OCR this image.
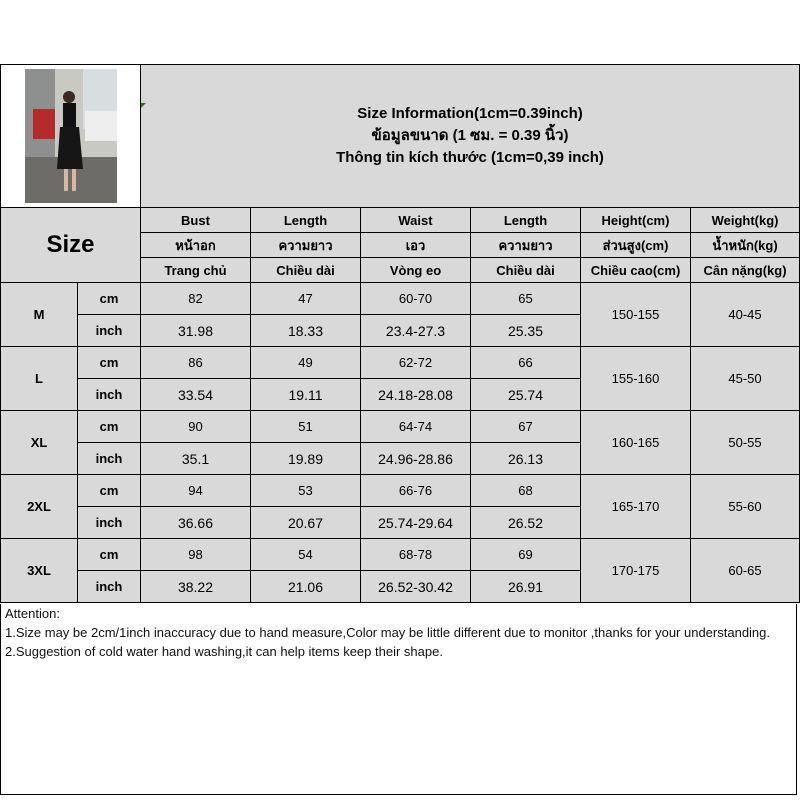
Size Information(1cm=0.39inch)
ข้อมูลขนาด (1 ซม. = 0.39 นิ้ว)
Thông tin kích thước (1cm=0,39 inch)					

Size		Bust	Length	Waist	Length	Height(cm)	Weight(kg)
		หน้าอก	ความยาว	เอว	ความยาว	ส่วนสูง(cm)	น้ำหนัก(kg)
		Trang chủ	Chiều dài	Vòng eo	Chiều dài	Chiều cao(cm)	Cân nặng(kg)
M	cm	82	47	60-70	65	150-155	40-45
	inch	31.98	18.33	23.4-27.3	25.35		
L	cm	86	49	62-72	66	155-160	45-50
	inch	33.54	19.11	24.18-28.08	25.74		
XL	cm	90	51	64-74	67	160-165	50-55
	inch	35.1	19.89	24.96-28.86	26.13		
2XL	cm	94	53	66-76	68	165-170	55-60
	inch	36.66	20.67	25.74-29.64	26.52		
3XL	cm	98	54	68-78	69	170-175	60-65
	inch	38.22	21.06	26.52-30.42	26.91		
Attention:
1.Size may be 2cm/1inch inaccuracy due to hand measure,Color may be little different due to monitor ,thanks for your understanding.
2.Suggestion of cold water hand washing,it can help items keep their shape.
